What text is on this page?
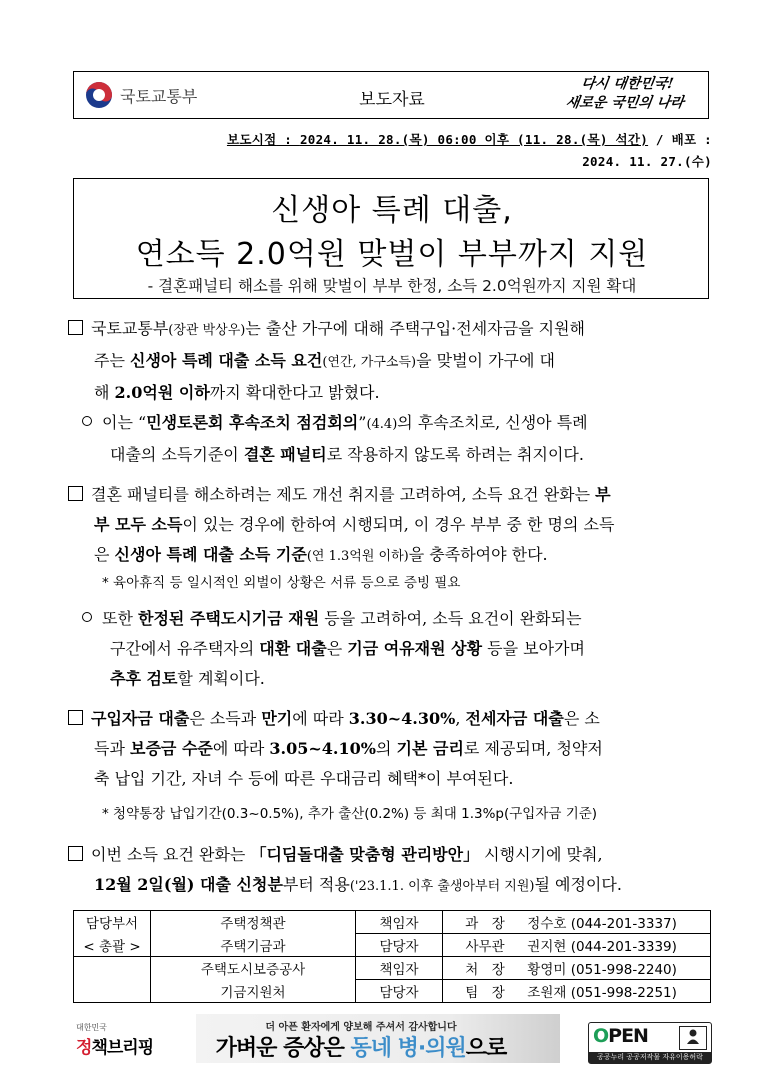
국토교통부	보도자료
다시 대한민국!
새로운 국민의 나라
보도시점 : 2024. 11. 28.(목) 06:00 이후 (11. 28.(목) 석간) / 배포 :
2024. 11. 27.(수)
신생아 특례 대출,
연소득 2.0억원 맞벌이 부부까지 지원
- 결혼패널티 해소를 위해 맞벌이 부부 한정, 소득 2.0억원까지 지원 확대
국토교통부(장관 박상우)는 출산 가구에 대해 주택구입·전세자금을 지원해
주는 신생아 특례 대출 소득 요건(연간, 가구소득)을 맞벌이 가구에 대
해 2.0억원 이하까지 확대한다고 밝혔다.
이는 “민생토론회 후속조치 점검회의”(4.4)의 후속조치로, 신생아 특례
대출의 소득기준이 결혼 패널티로 작용하지 않도록 하려는 취지이다.
결혼 패널티를 해소하려는 제도 개선 취지를 고려하여, 소득 요건 완화는 부
부 모두 소득이 있는 경우에 한하여 시행되며, 이 경우 부부 중 한 명의 소득
은 신생아 특례 대출 소득 기준(연 1.3억원 이하)을 충족하여야 한다.
* 육아휴직 등 일시적인 외벌이 상황은 서류 등으로 증빙 필요
또한 한정된 주택도시기금 재원 등을 고려하여, 소득 요건이 완화되는
구간에서 유주택자의 대환 대출은 기금 여유재원 상황 등을 보아가며
추후 검토할 계획이다.
구입자금 대출은 소득과 만기에 따라 3.30~4.30%, 전세자금 대출은 소
득과 보증금 수준에 따라 3.05~4.10%의 기본 금리로 제공되며, 청약저
축 납입 기간, 자녀 수 등에 따른 우대금리 혜택*이 부여된다.
* 청약통장 납입기간(0.3~0.5%), 추가 출산(0.2%) 등 최대 1.3%p(구입자금 기준)
이번 소득 요건 완화는 「디딤돌대출 맞춤형 관리방안」 시행시기에 맞춰,
12월 2일(월) 대출 신청분부터 적용('23.1.1. 이후 출생아부터 지원)될 예정이다.
담당부서	주택정책관	책임자	과　장 정수호 (044-201-3337)
< 총괄 >	주택기금과	담당자	사무관 권지현 (044-201-3339)
	주택도시보증공사	책임자	처　장 황영미 (051-998-2240)
	기금지원처	담당자	팀　장 조원재 (051-998-2251)
대한민국
정책브리핑
더 아픈 환자에게 양보해 주셔서 감사합니다
가벼운 증상은 동네 병·의원으로	OPEN
공공누리 공공저작물 자유이용허락
